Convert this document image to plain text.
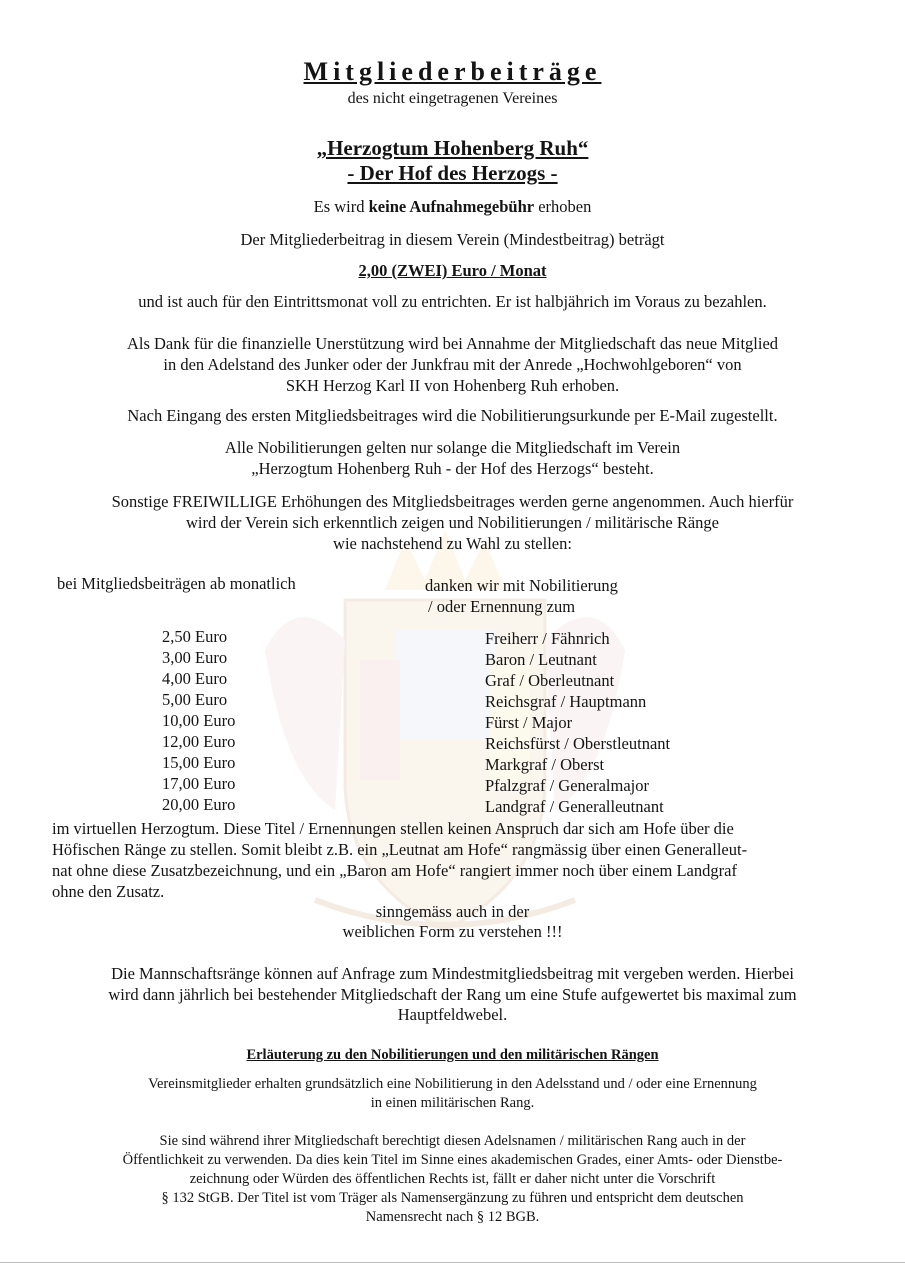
Mitgliederbeiträge
des nicht eingetragenen Vereines
„Herzogtum Hohenberg Ruh“
- Der Hof des Herzogs -
Es wird keine Aufnahmegebühr erhoben
Der Mitgliederbeitrag in diesem Verein (Mindestbeitrag) beträgt
2,00 (ZWEI) Euro / Monat
und ist auch für den Eintrittsmonat voll zu entrichten. Er ist halbjährich im Voraus zu bezahlen.
Als Dank für die finanzielle Unerstützung wird bei Annahme der Mitgliedschaft das neue Mitglied
in den Adelstand des Junker oder der Junkfrau mit der Anrede „Hochwohlgeboren“ von
SKH Herzog Karl II von Hohenberg Ruh erhoben.
Nach Eingang des ersten Mitgliedsbeitrages wird die Nobilitierungsurkunde per E-Mail zugestellt.
Alle Nobilitierungen gelten nur solange die Mitgliedschaft im Verein
„Herzogtum Hohenberg Ruh - der Hof des Herzogs“ besteht.
Sonstige FREIWILLIGE Erhöhungen des Mitgliedsbeitrages werden gerne angenommen. Auch hierfür
wird der Verein sich erkenntlich zeigen und Nobilitierungen / militärische Ränge
wie nachstehend zu Wahl zu stellen:
bei Mitgliedsbeiträgen ab monatlich	danken wir mit Nobilitierung
/ oder Ernennung zum
2,50 Euro
3,00 Euro
4,00 Euro
5,00 Euro
10,00 Euro
12,00 Euro
15,00 Euro
17,00 Euro
20,00 Euro
Freiherr / Fähnrich
Baron / Leutnant
Graf / Oberleutnant
Reichsgraf / Hauptmann
Fürst / Major
Reichsfürst / Oberstleutnant
Markgraf / Oberst
Pfalzgraf / Generalmajor
Landgraf / Generalleutnant
im virtuellen Herzogtum. Diese Titel / Ernennungen stellen keinen Anspruch dar sich am Hofe über die
Höfischen Ränge zu stellen. Somit bleibt z.B. ein „Leutnat am Hofe“ rangmässig über einen Generalleut-
nat ohne diese Zusatzbezeichnung, und ein „Baron am Hofe“ rangiert immer noch über einem Landgraf
ohne den Zusatz.
sinngemäss auch in der
weiblichen Form zu verstehen !!!
Die Mannschaftsränge können auf Anfrage zum Mindestmitgliedsbeitrag mit vergeben werden. Hierbei
wird dann jährlich bei bestehender Mitgliedschaft der Rang um eine Stufe aufgewertet bis maximal zum
Hauptfeldwebel.
Erläuterung zu den Nobilitierungen und den militärischen Rängen
Vereinsmitglieder erhalten grundsätzlich eine Nobilitierung in den Adelsstand und / oder eine Ernennung
in einen militärischen Rang.
Sie sind während ihrer Mitgliedschaft berechtigt diesen Adelsnamen / militärischen Rang auch in der
Öffentlichkeit zu verwenden. Da dies kein Titel im Sinne eines akademischen Grades, einer Amts- oder Dienstbe-
zeichnung oder Würden des öffentlichen Rechts ist, fällt er daher nicht unter die Vorschrift
§ 132 StGB. Der Titel ist vom Träger als Namensergänzung zu führen und entspricht dem deutschen
Namensrecht nach § 12 BGB.
